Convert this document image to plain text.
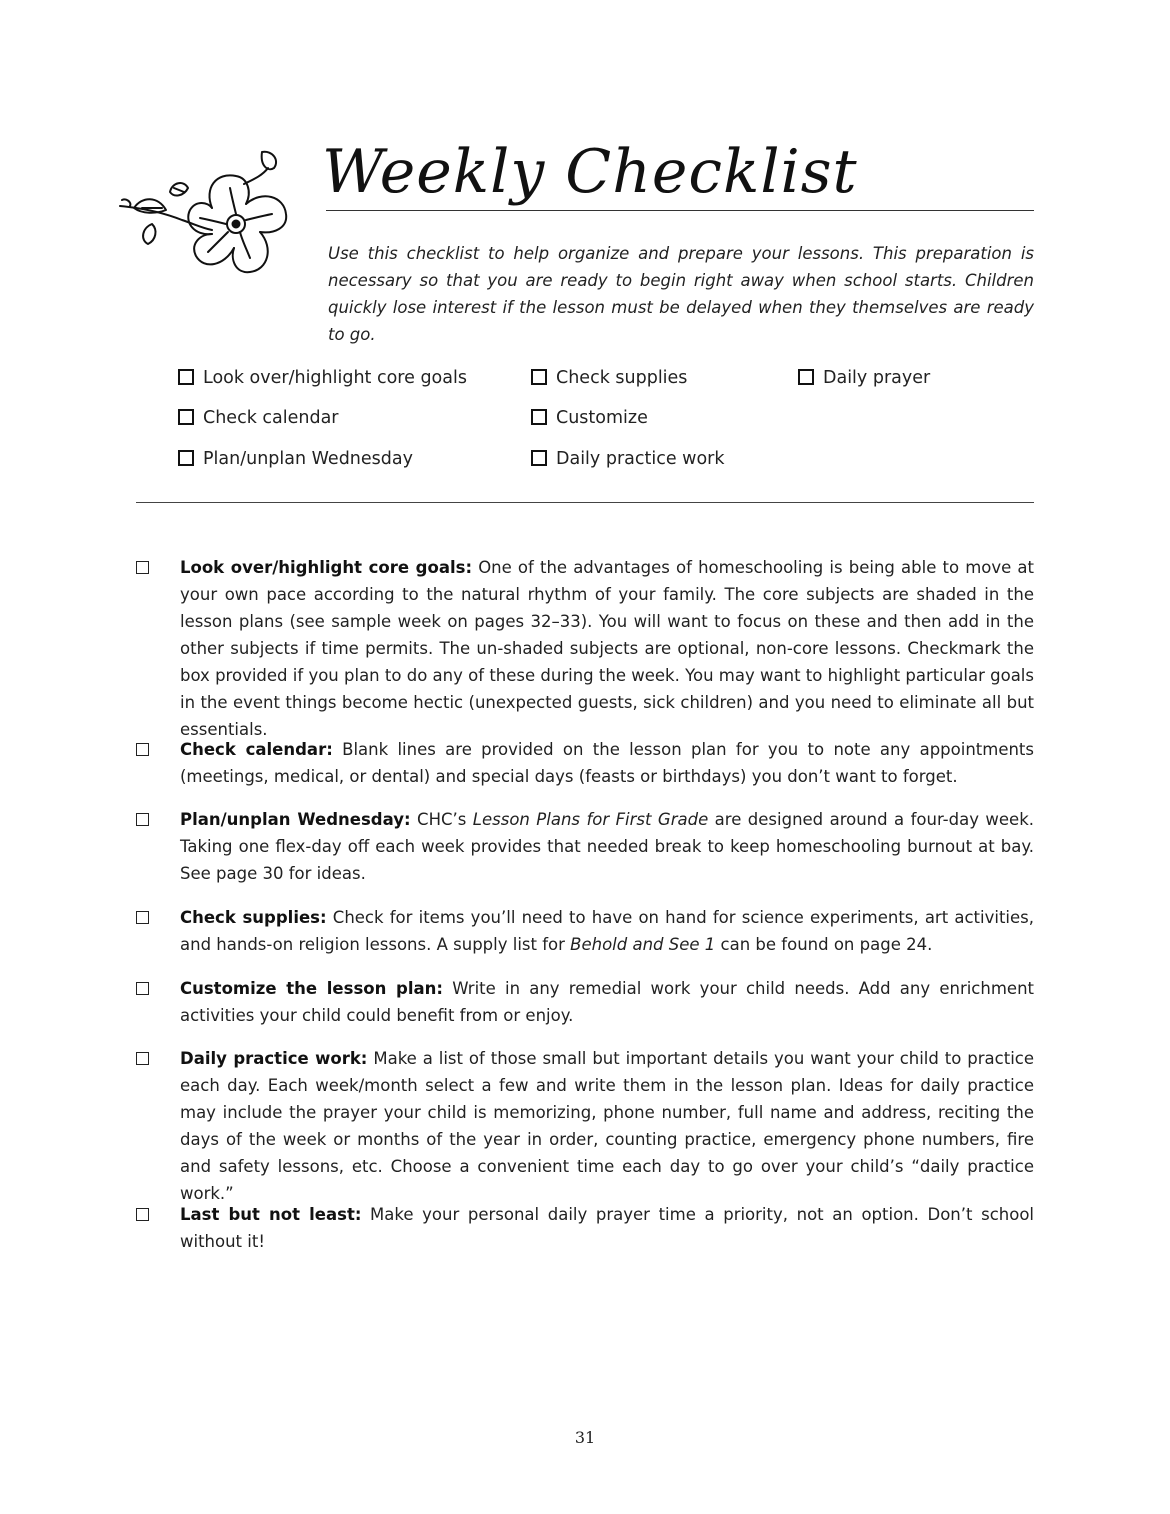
Weekly Checklist
Use this checklist to help organize and prepare your lessons. This preparation is necessary so that you are ready to begin right away when school starts. Children quickly lose interest if the lesson must be delayed when they themselves are ready to go.
Look over/highlight core goals
Check calendar
Plan/unplan Wednesday
Check supplies
Customize
Daily practice work
Daily prayer
Look over/highlight core goals: One of the advantages of homeschooling is being able to move at your own pace according to the natural rhythm of your family. The core subjects are shaded in the lesson plans (see sample week on pages 32–33). You will want to focus on these and then add in the other subjects if time permits. The un-shaded subjects are optional, non-core lessons. Checkmark the box provided if you plan to do any of these during the week. You may want to highlight particular goals in the event things become hectic (unexpected guests, sick children) and you need to eliminate all but essentials.
Check calendar: Blank lines are provided on the lesson plan for you to note any appointments (meetings, medical, or dental) and special days (feasts or birthdays) you don’t want to forget.
Plan/unplan Wednesday: CHC’s Lesson Plans for First Grade are designed around a four-day week. Taking one flex-day off each week provides that needed break to keep homeschooling burnout at bay. See page 30 for ideas.
Check supplies: Check for items you’ll need to have on hand for science experiments, art activities, and hands-on religion lessons. A supply list for Behold and See 1 can be found on page 24.
Customize the lesson plan: Write in any remedial work your child needs. Add any enrichment activities your child could benefit from or enjoy.
Daily practice work: Make a list of those small but important details you want your child to practice each day. Each week/month select a few and write them in the lesson plan. Ideas for daily practice may include the prayer your child is memorizing, phone number, full name and address, reciting the days of the week or months of the year in order, counting practice, emergency phone numbers, fire and safety lessons, etc. Choose a convenient time each day to go over your child’s “daily practice work.”
Last but not least: Make your personal daily prayer time a priority, not an option. Don’t school without it!
31
